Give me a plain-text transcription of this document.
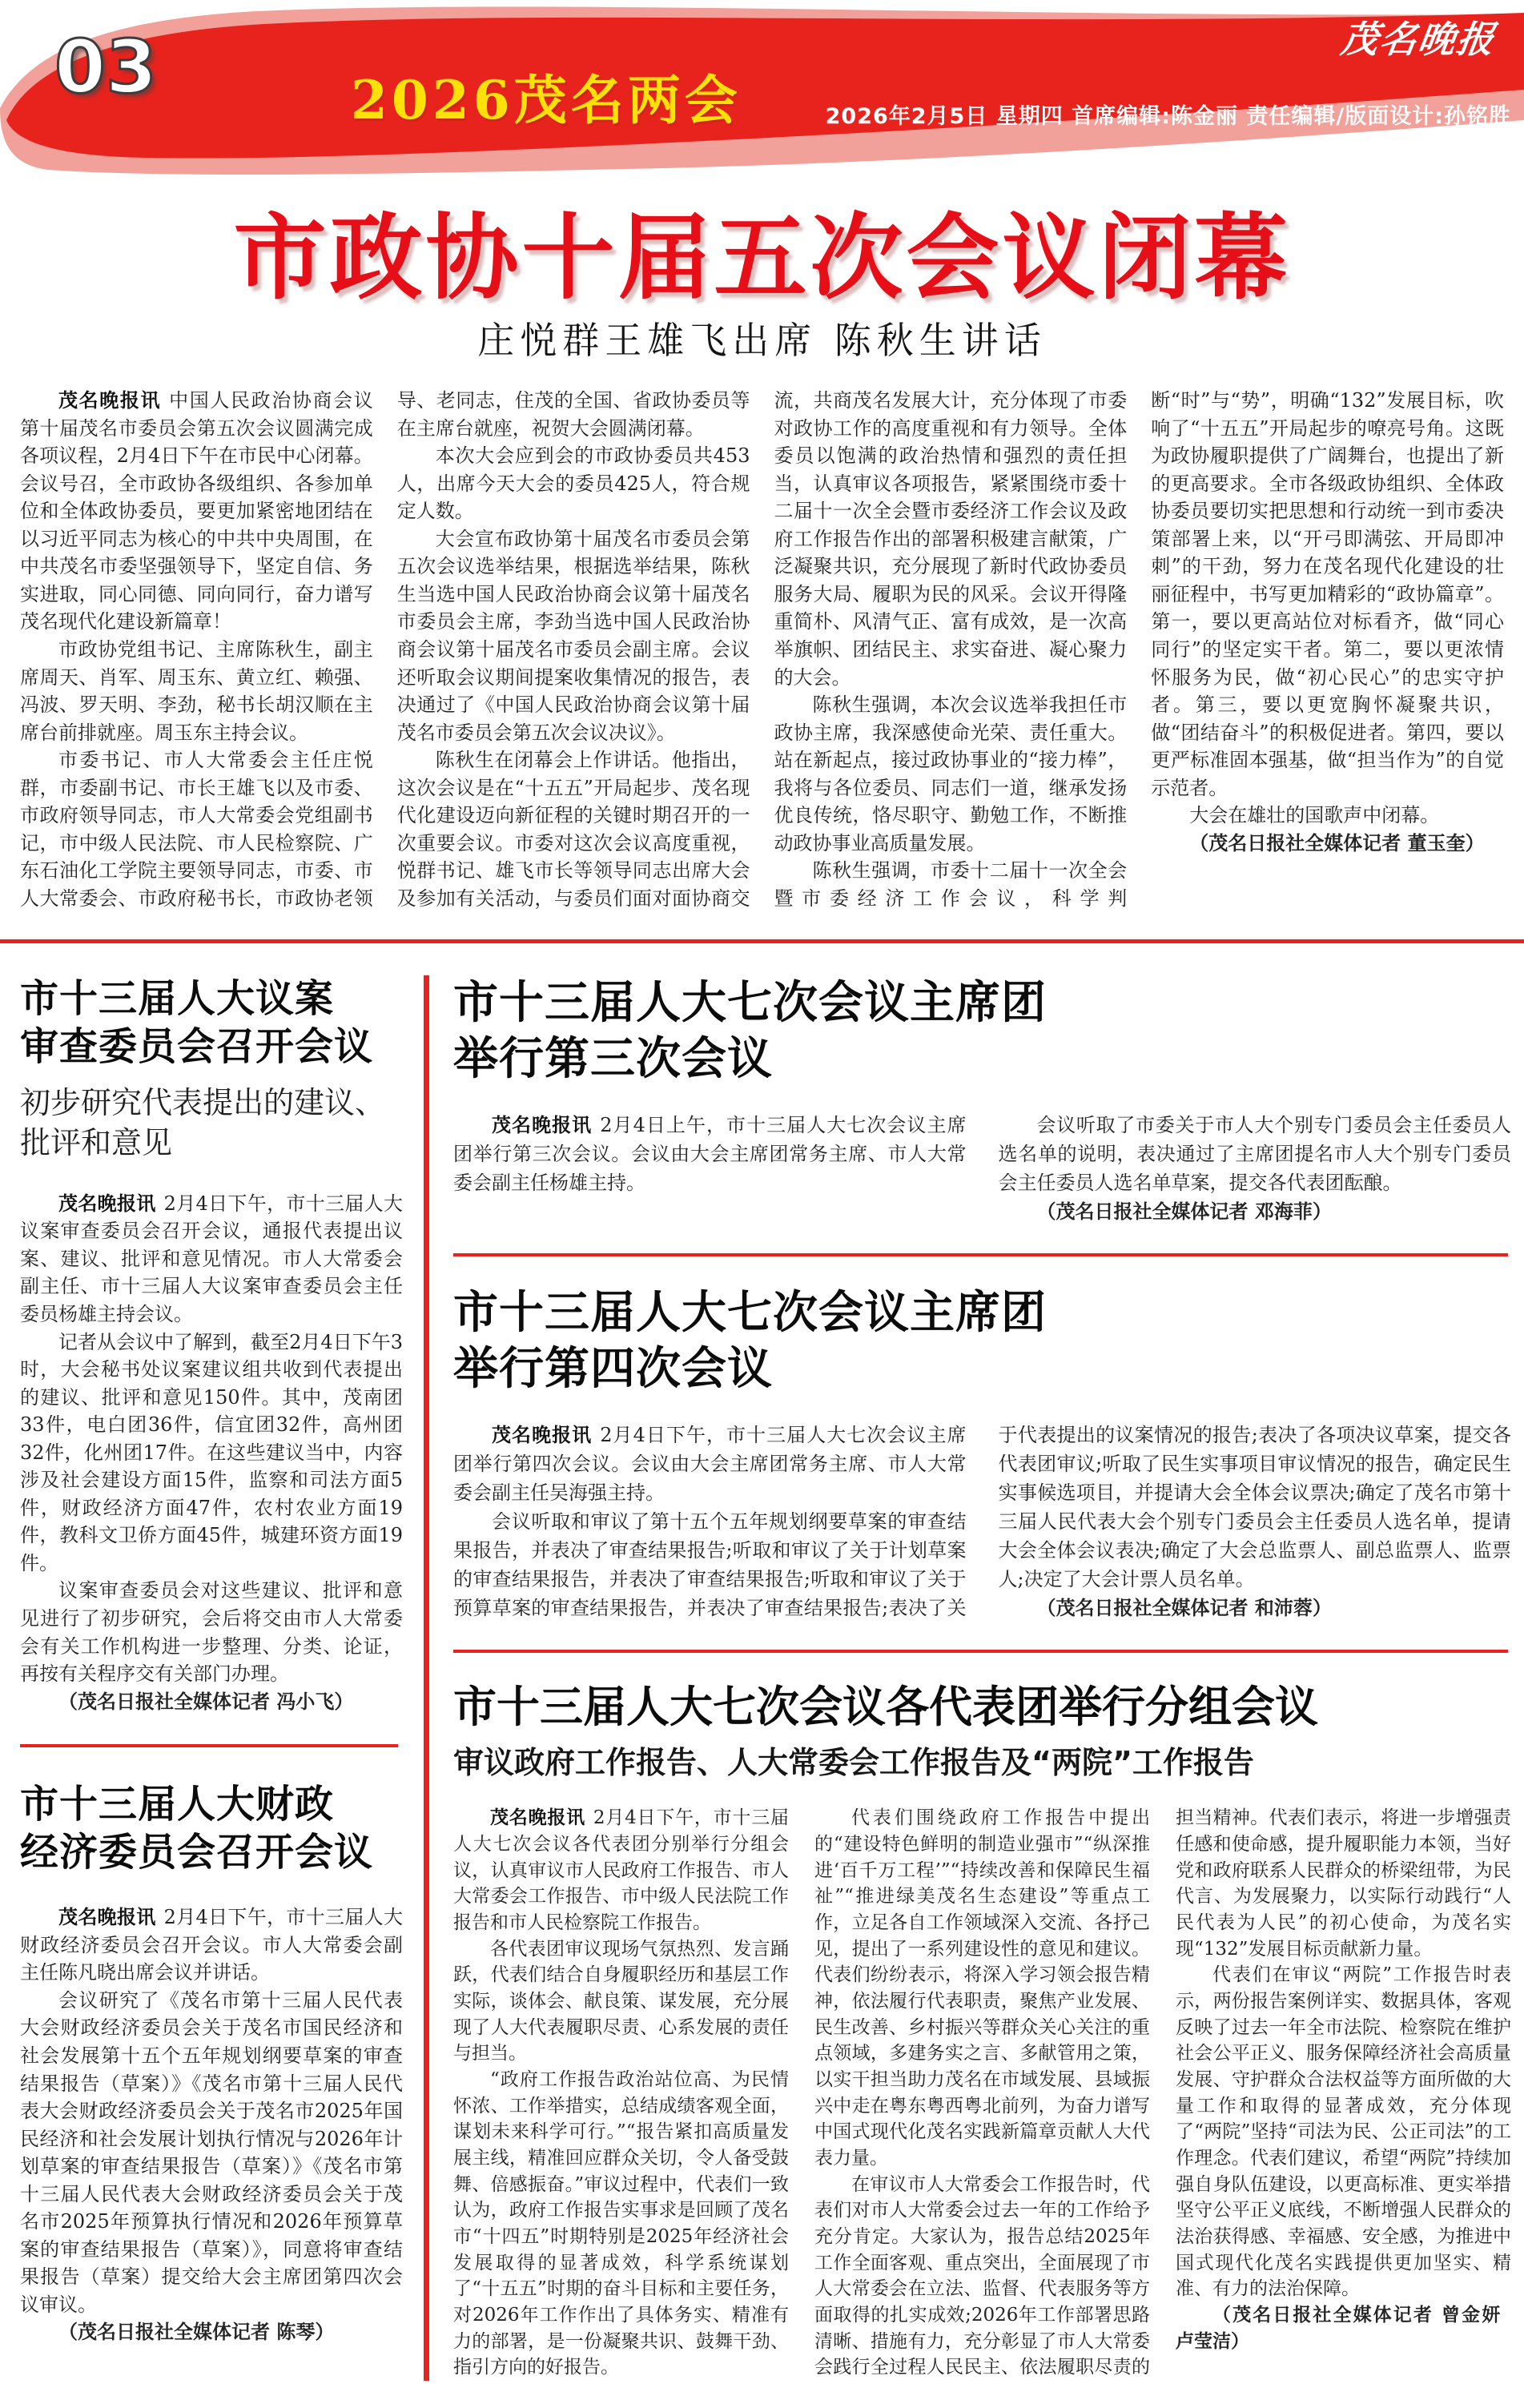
03	茂名晚报
2026茂名两会	2026年2月5日 星期四 首席编辑:陈金丽 责任编辑/版面设计:孙铭胜
市政协十届五次会议闭幕
庄悦群王雄飞出席 陈秋生讲话

茂名晚报讯 中国人民政治协商会议第十届茂名市委员会第五次会议圆满完成各项议程，2月4日下午在市民中心闭幕。会议号召，全市政协各级组织、各参加单位和全体政协委员，要更加紧密地团结在以习近平同志为核心的中共中央周围，在中共茂名市委坚强领导下，坚定自信、务实进取，同心同德、同向同行，奋力谱写茂名现代化建设新篇章！

市政协党组书记、主席陈秋生，副主席周天、肖军、周玉东、黄立红、赖强、冯波、罗天明、李劲，秘书长胡汉顺在主席台前排就座。周玉东主持会议。

市委书记、市人大常委会主任庄悦群，市委副书记、市长王雄飞以及市委、市政府领导同志，市人大常委会党组副书记，市中级人民法院、市人民检察院、广东石油化工学院主要领导同志，市委、市人大常委会、市政府秘书长，市政协老领导、老同志，住茂的全国、省政协委员等在主席台就座，祝贺大会圆满闭幕。

本次大会应到会的市政协委员共453人，出席今天大会的委员425人，符合规定人数。

大会宣布政协第十届茂名市委员会第五次会议选举结果，根据选举结果，陈秋生当选中国人民政治协商会议第十届茂名市委员会主席，李劲当选中国人民政治协商会议第十届茂名市委员会副主席。会议还听取会议期间提案收集情况的报告，表决通过了《中国人民政治协商会议第十届茂名市委员会第五次会议决议》。

陈秋生在闭幕会上作讲话。他指出，这次会议是在“十五五”开局起步、茂名现代化建设迈向新征程的关键时期召开的一次重要会议。市委对这次会议高度重视，悦群书记、雄飞市长等领导同志出席大会及参加有关活动，与委员们面对面协商交流，共商茂名发展大计，充分体现了市委对政协工作的高度重视和有力领导。全体委员以饱满的政治热情和强烈的责任担当，认真审议各项报告，紧紧围绕市委十二届十一次全会暨市委经济工作会议及政府工作报告作出的部署积极建言献策，广泛凝聚共识，充分展现了新时代政协委员服务大局、履职为民的风采。会议开得隆重简朴、风清气正、富有成效，是一次高举旗帜、团结民主、求实奋进、凝心聚力的大会。

陈秋生强调，本次会议选举我担任市政协主席，我深感使命光荣、责任重大。站在新起点，接过政协事业的“接力棒”，我将与各位委员、同志们一道，继承发扬优良传统，恪尽职守、勤勉工作，不断推动政协事业高质量发展。

陈秋生强调，市委十二届十一次全会暨市委经济工作会议，科学判断“时”与“势”，明确“132”发展目标，吹响了“十五五”开局起步的嘹亮号角。这既为政协履职提供了广阔舞台，也提出了新的更高要求。全市各级政协组织、全体政协委员要切实把思想和行动统一到市委决策部署上来，以“开弓即满弦、开局即冲刺”的干劲，努力在茂名现代化建设的壮丽征程中，书写更加精彩的“政协篇章”。第一，要以更高站位对标看齐，做“同心同行”的坚定实干者。第二，要以更浓情怀服务为民，做“初心民心”的忠实守护者。第三，要以更宽胸怀凝聚共识，做“团结奋斗”的积极促进者。第四，要以更严标准固本强基，做“担当作为”的自觉示范者。

大会在雄壮的国歌声中闭幕。

（茂名日报社全媒体记者 董玉奎）

市十三届人大议案
审查委员会召开会议
初步研究代表提出的建议、
批评和意见

茂名晚报讯 2月4日下午，市十三届人大议案审查委员会召开会议，通报代表提出议案、建议、批评和意见情况。市人大常委会副主任、市十三届人大议案审查委员会主任委员杨雄主持会议。

记者从会议中了解到，截至2月4日下午3时，大会秘书处议案建议组共收到代表提出的建议、批评和意见150件。其中，茂南团33件，电白团36件，信宜团32件，高州团32件，化州团17件。在这些建议当中，内容涉及社会建设方面15件，监察和司法方面5件，财政经济方面47件，农村农业方面19件，教科文卫侨方面45件，城建环资方面19件。

议案审查委员会对这些建议、批评和意见进行了初步研究，会后将交由市人大常委会有关工作机构进一步整理、分类、论证，再按有关程序交有关部门办理。

（茂名日报社全媒体记者 冯小飞）

市十三届人大财政
经济委员会召开会议

茂名晚报讯 2月4日下午，市十三届人大财政经济委员会召开会议。市人大常委会副主任陈凡晓出席会议并讲话。

会议研究了《茂名市第十三届人民代表大会财政经济委员会关于茂名市国民经济和社会发展第十五个五年规划纲要草案的审查结果报告（草案）》《茂名市第十三届人民代表大会财政经济委员会关于茂名市2025年国民经济和社会发展计划执行情况与2026年计划草案的审查结果报告（草案）》《茂名市第十三届人民代表大会财政经济委员会关于茂名市2025年预算执行情况和2026年预算草案的审查结果报告（草案）》，同意将审查结果报告（草案）提交给大会主席团第四次会议审议。

（茂名日报社全媒体记者 陈琴）

市十三届人大七次会议主席团
举行第三次会议

茂名晚报讯 2月4日上午，市十三届人大七次会议主席团举行第三次会议。会议由大会主席团常务主席、市人大常委会副主任杨雄主持。

会议听取了市委关于市人大个别专门委员会主任委员人选名单的说明，表决通过了主席团提名市人大个别专门委员会主任委员人选名单草案，提交各代表团酝酿。

（茂名日报社全媒体记者 邓海菲）

市十三届人大七次会议主席团
举行第四次会议

茂名晚报讯 2月4日下午，市十三届人大七次会议主席团举行第四次会议。会议由大会主席团常务主席、市人大常委会副主任吴海强主持。

会议听取和审议了第十五个五年规划纲要草案的审查结果报告，并表决了审查结果报告;听取和审议了关于计划草案的审查结果报告，并表决了审查结果报告;听取和审议了关于预算草案的审查结果报告，并表决了审查结果报告;表决了关于代表提出的议案情况的报告;表决了各项决议草案，提交各代表团审议;听取了民生实事项目审议情况的报告，确定民生实事候选项目，并提请大会全体会议票决;确定了茂名市第十三届人民代表大会个别专门委员会主任委员人选名单，提请大会全体会议表决;确定了大会总监票人、副总监票人、监票人;决定了大会计票人员名单。

（茂名日报社全媒体记者 和沛蓉）

市十三届人大七次会议各代表团举行分组会议
审议政府工作报告、人大常委会工作报告及“两院”工作报告

茂名晚报讯 2月4日下午，市十三届人大七次会议各代表团分别举行分组会议，认真审议市人民政府工作报告、市人大常委会工作报告、市中级人民法院工作报告和市人民检察院工作报告。

各代表团审议现场气氛热烈、发言踊跃，代表们结合自身履职经历和基层工作实际，谈体会、献良策、谋发展，充分展现了人大代表履职尽责、心系发展的责任与担当。

“政府工作报告政治站位高、为民情怀浓、工作举措实，总结成绩客观全面，谋划未来科学可行。”“报告紧扣高质量发展主线，精准回应群众关切，令人备受鼓舞、倍感振奋。”审议过程中，代表们一致认为，政府工作报告实事求是回顾了茂名市“十四五”时期特别是2025年经济社会发展取得的显著成效，科学系统谋划了“十五五”时期的奋斗目标和主要任务，对2026年工作作出了具体务实、精准有力的部署，是一份凝聚共识、鼓舞干劲、指引方向的好报告。

代表们围绕政府工作报告中提出的“建设特色鲜明的制造业强市”“纵深推进‘百千万工程’”“持续改善和保障民生福祉”“推进绿美茂名生态建设”等重点工作，立足各自工作领域深入交流、各抒己见，提出了一系列建设性的意见和建议。代表们纷纷表示，将深入学习领会报告精神，依法履行代表职责，聚焦产业发展、民生改善、乡村振兴等群众关心关注的重点领域，多建务实之言、多献管用之策，以实干担当助力茂名在市域发展、县域振兴中走在粤东粤西粤北前列，为奋力谱写中国式现代化茂名实践新篇章贡献人大代表力量。

在审议市人大常委会工作报告时，代表们对市人大常委会过去一年的工作给予充分肯定。大家认为，报告总结2025年工作全面客观、重点突出，全面展现了市人大常委会在立法、监督、代表服务等方面取得的扎实成效;2026年工作部署思路清晰、措施有力，充分彰显了市人大常委会践行全过程人民民主、依法履职尽责的担当精神。代表们表示，将进一步增强责任感和使命感，提升履职能力本领，当好党和政府联系人民群众的桥梁纽带，为民代言、为发展聚力，以实际行动践行“人民代表为人民”的初心使命，为茂名实现“132”发展目标贡献新力量。

代表们在审议“两院”工作报告时表示，两份报告案例详实、数据具体，客观反映了过去一年全市法院、检察院在维护社会公平正义、服务保障经济社会高质量发展、守护群众合法权益等方面所做的大量工作和取得的显著成效，充分体现了“两院”坚持“司法为民、公正司法”的工作理念。代表们建议，希望“两院”持续加强自身队伍建设，以更高标准、更实举措坚守公平正义底线，不断增强人民群众的法治获得感、幸福感、安全感，为推进中国式现代化茂名实践提供更加坚实、精准、有力的法治保障。

（茂名日报社全媒体记者 曾金妍 卢莹洁）
